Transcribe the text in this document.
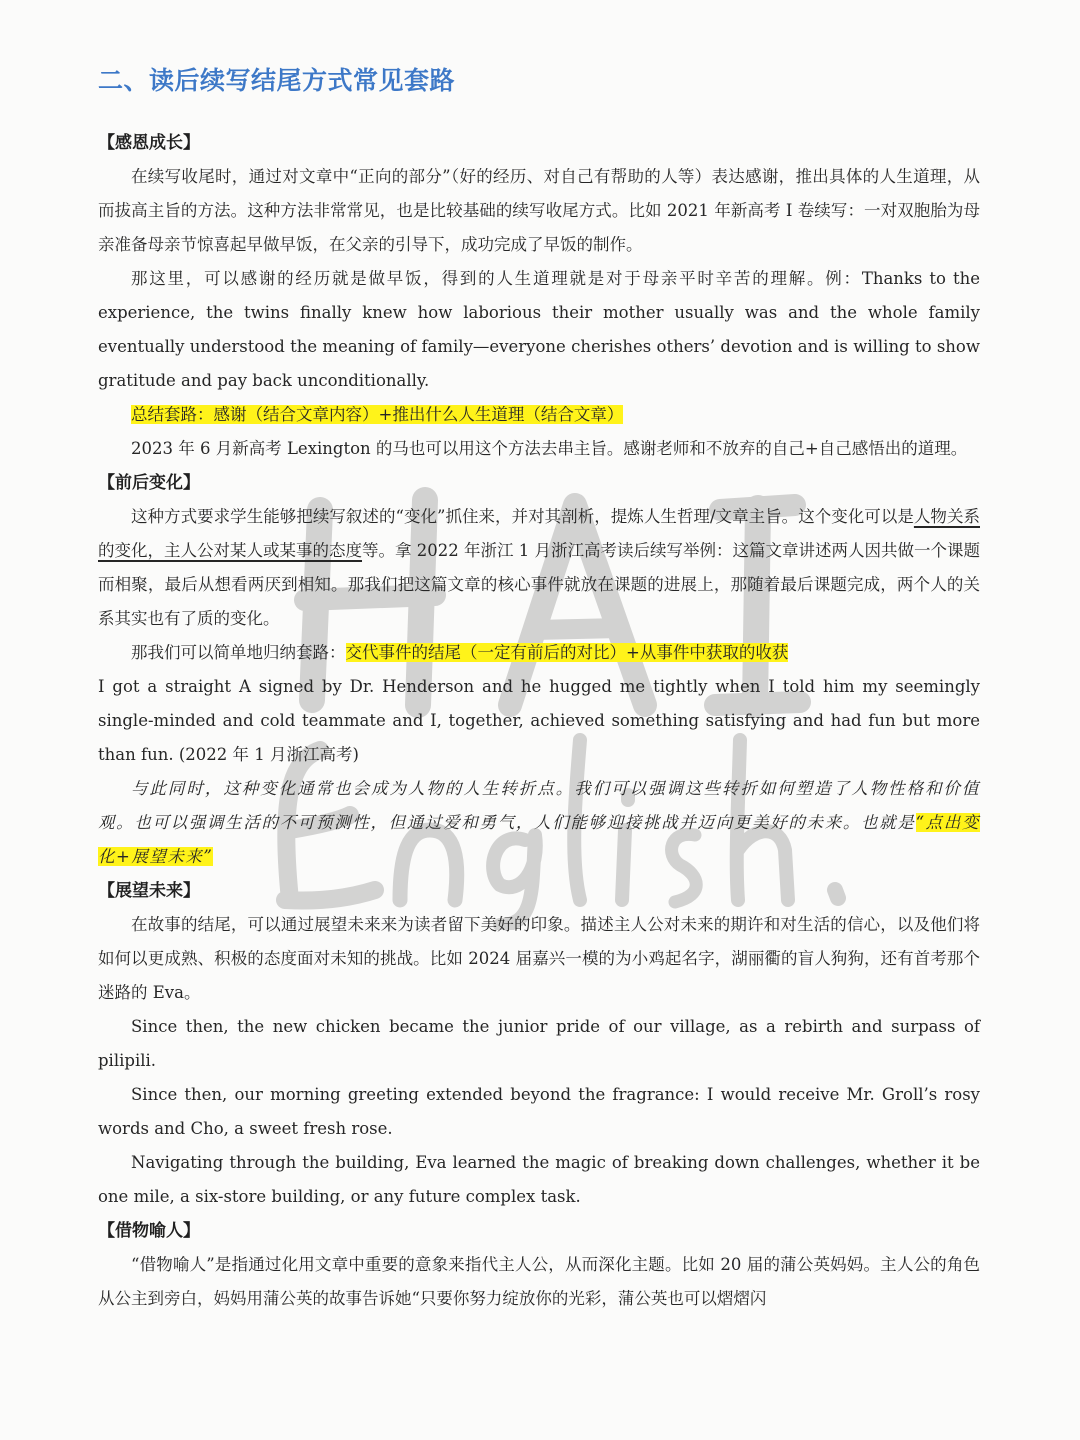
二、读后续写结尾方式常见套路
【感恩成长】

在续写收尾时，通过对文章中“正向的部分”（好的经历、对自己有帮助的人等）表达感谢，推出具体的人生道理，从而拔高主旨的方法。这种方法非常常见，也是比较基础的续写收尾方式。比如 2021 年新高考 I 卷续写：一对双胞胎为母亲准备母亲节惊喜起早做早饭，在父亲的引导下，成功完成了早饭的制作。

那这里，可以感谢的经历就是做早饭，得到的人生道理就是对于母亲平时辛苦的理解。例：Thanks to the experience, the twins finally knew how laborious their mother usually was and the whole family eventually understood the meaning of family—everyone cherishes others’ devotion and is willing to show gratitude and pay back unconditionally.

总结套路：感谢（结合文章内容）+推出什么人生道理（结合文章）

2023 年 6 月新高考 Lexington 的马也可以用这个方法去串主旨。感谢老师和不放弃的自己+自己感悟出的道理。

【前后变化】

这种方式要求学生能够把续写叙述的“变化”抓住来，并对其剖析，提炼人生哲理/文章主旨。这个变化可以是人物关系的变化，主人公对某人或某事的态度等。拿 2022 年浙江 1 月浙江高考读后续写举例：这篇文章讲述两人因共做一个课题而相聚，最后从想看两厌到相知。那我们把这篇文章的核心事件就放在课题的进展上，那随着最后课题完成，两个人的关系其实也有了质的变化。

那我们可以简单地归纳套路：交代事件的结尾（一定有前后的对比）+从事件中获取的收获

I got a straight A signed by Dr. Henderson and he hugged me tightly when I told him my seemingly single-minded and cold teammate and I, together, achieved something satisfying and had fun but more than fun. (2022 年 1 月浙江高考)

与此同时，这种变化通常也会成为人物的人生转折点。我们可以强调这些转折如何塑造了人物性格和价值观。也可以强调生活的不可预测性，但通过爱和勇气，人们能够迎接挑战并迈向更美好的未来。也就是“点出变化+展望未来”

【展望未来】

在故事的结尾，可以通过展望未来来为读者留下美好的印象。描述主人公对未来的期许和对生活的信心，以及他们将如何以更成熟、积极的态度面对未知的挑战。比如 2024 届嘉兴一模的为小鸡起名字，湖丽衢的盲人狗狗，还有首考那个迷路的 Eva。

Since then, the new chicken became the junior pride of our village, as a rebirth and surpass of pilipili.

Since then, our morning greeting extended beyond the fragrance: I would receive Mr. Groll’s rosy words and Cho, a sweet fresh rose.

Navigating through the building, Eva learned the magic of breaking down challenges, whether it be one mile, a six-store building, or any future complex task.

【借物喻人】

“借物喻人”是指通过化用文章中重要的意象来指代主人公，从而深化主题。比如 20 届的蒲公英妈妈。主人公的角色从公主到旁白，妈妈用蒲公英的故事告诉她“只要你努力绽放你的光彩，蒲公英也可以熠熠闪
